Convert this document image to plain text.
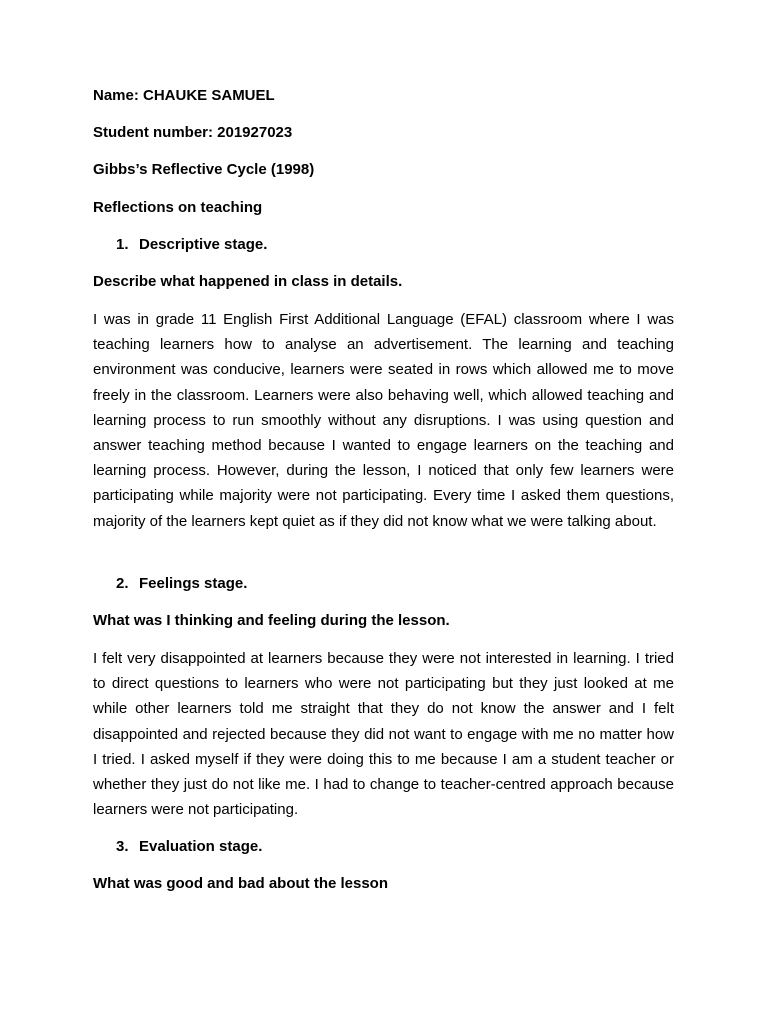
Name: CHAUKE SAMUEL
Student number: 201927023
Gibbs’s Reflective Cycle (1998)
Reflections on teaching
1. Descriptive stage.
Describe what happened in class in details.
I was in grade 11 English First Additional Language (EFAL) classroom where I was teaching learners how to analyse an advertisement. The learning and teaching environment was conducive, learners were seated in rows which allowed me to move freely in the classroom. Learners were also behaving well, which allowed teaching and learning process to run smoothly without any disruptions. I was using question and answer teaching method because I wanted to engage learners on the teaching and learning process. However, during the lesson, I noticed that only few learners were participating while majority were not participating. Every time I asked them questions, majority of the learners kept quiet as if they did not know what we were talking about.
2. Feelings stage.
What was I thinking and feeling during the lesson.
I felt very disappointed at learners because they were not interested in learning. I tried to direct questions to learners who were not participating but they just looked at me while other learners told me straight that they do not know the answer and I felt disappointed and rejected because they did not want to engage with me no matter how I tried. I asked myself if they were doing this to me because I am a student teacher or whether they just do not like me. I had to change to teacher-centred approach because learners were not participating.
3. Evaluation stage.
What was good and bad about the lesson
